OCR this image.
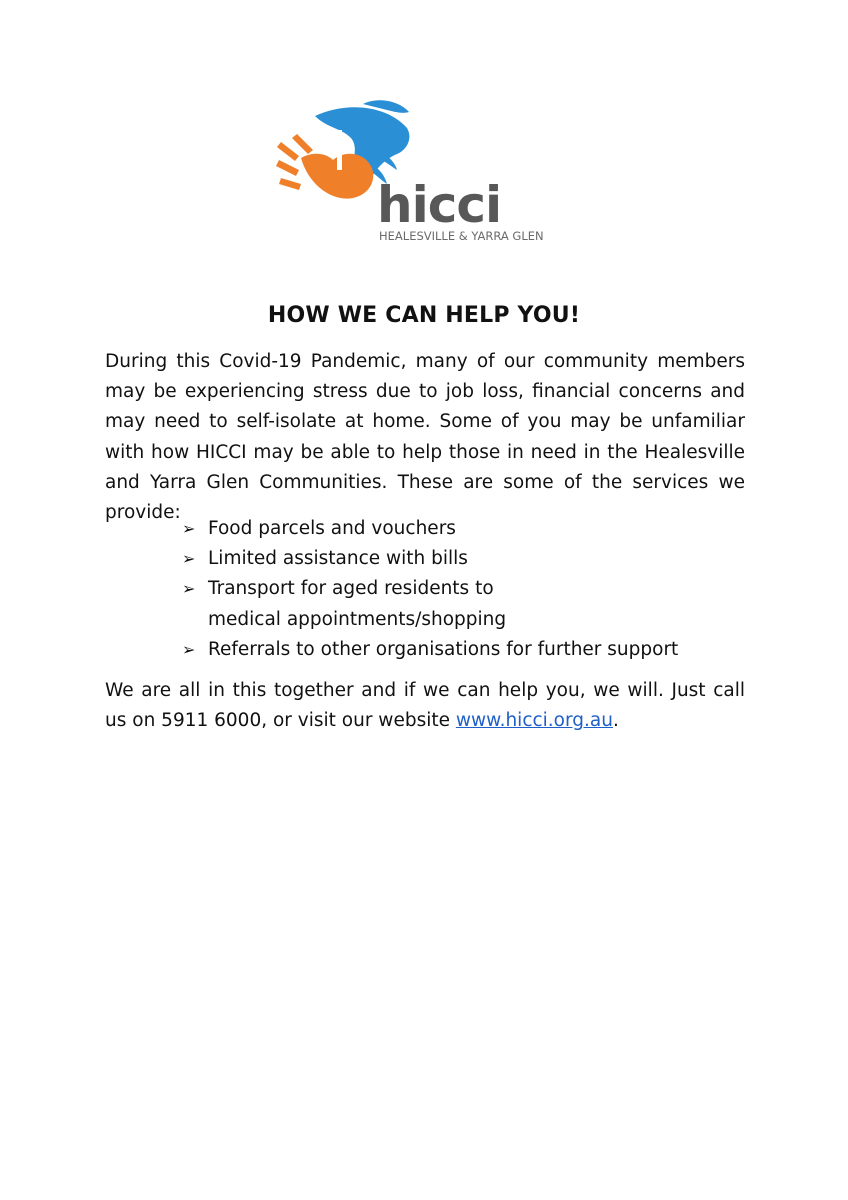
hicci
HEALESVILLE & YARRA GLEN
HOW WE CAN HELP YOU!

During this Covid-19 Pandemic, many of our community members may be experiencing stress due to job loss, financial concerns and may need to self-isolate at home. Some of you may be unfamiliar with how HICCI may be able to help those in need in the Healesville and Yarra Glen Communities. These are some of the services we provide:

➢ Food parcels and vouchers
➢ Limited assistance with bills
➢ Transport for aged residents to medical appointments/shopping
➢ Referrals to other organisations for further support

We are all in this together and if we can help you, we will. Just call us on 5911 6000, or visit our website www.hicci.org.au.
